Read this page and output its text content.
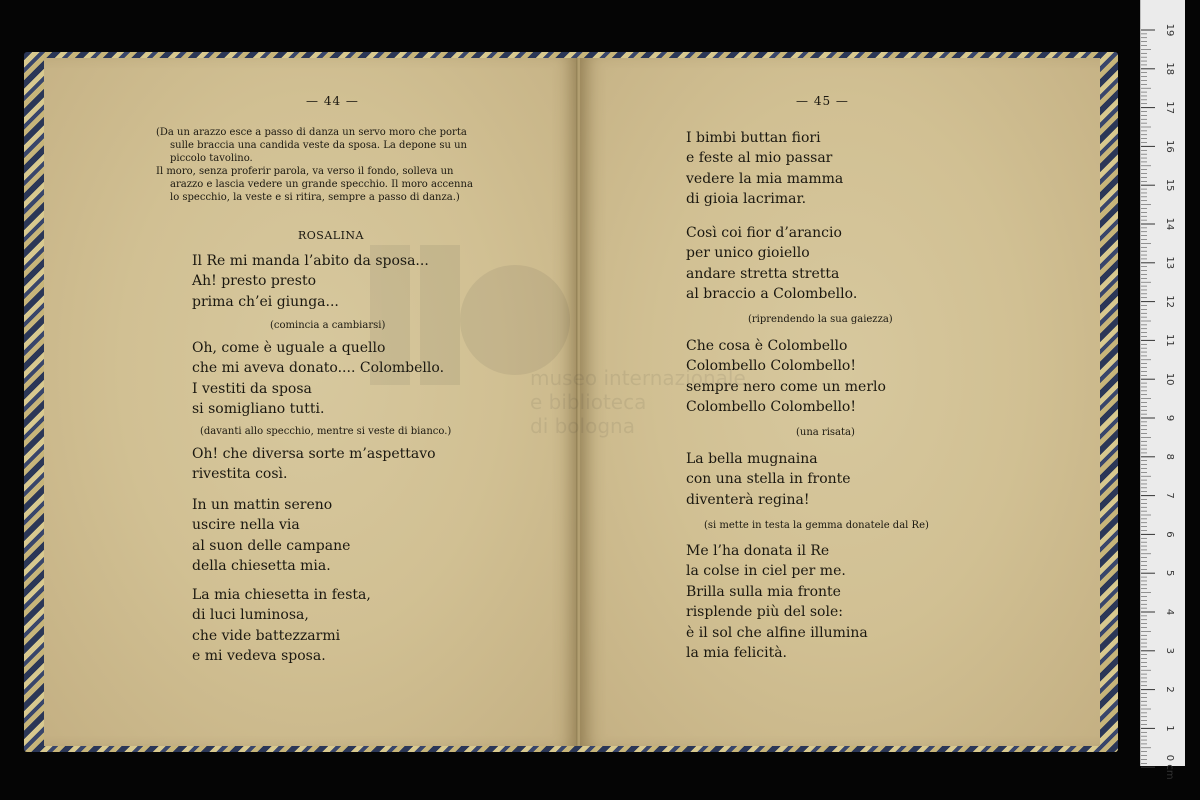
— 44 —

(Da un arazzo esce a passo di danza un servo moro che porta

sulle braccia una candida veste da sposa. La depone su un

piccolo tavolino.

Il moro, senza proferir parola, va verso il fondo, solleva un

arazzo e lascia vedere un grande specchio. Il moro accenna

lo specchio, la veste e si ritira, sempre a passo di danza.)

ROSALINA
Il Re mi manda l’abito da sposa...
Ah! presto presto
prima ch’ei giunga...
(comincia a cambiarsi)
Oh, come è uguale a quello
che mi aveva donato.... Colombello.
I vestiti da sposa
si somigliano tutti.
(davanti allo specchio, mentre si veste di bianco.)
Oh! che diversa sorte m’aspettavo
rivestita così.
In un mattin sereno
uscire nella via
al suon delle campane
della chiesetta mia.
La mia chiesetta in festa,
di luci luminosa,
che vide battezzarmi
e mi vedeva sposa.
— 45 —
I bimbi buttan fiori
e feste al mio passar
vedere la mia mamma
di gioia lacrimar.
Così coi fior d’arancio
per unico gioiello
andare stretta stretta
al braccio a Colombello.
(riprendendo la sua gaiezza)
Che cosa è Colombello
Colombello Colombello!
sempre nero come un merlo
Colombello Colombello!
(una risata)
La bella mugnaina
con una stella in fronte
diventerà regina!
(si mette in testa la gemma donatele dal Re)
Me l’ha donata il Re
la colse in ciel per me.
Brilla sulla mia fronte
risplende più del sole:
è il sol che alfine illumina
la mia felicità.
19
18
17
16
15
14
13
12
11
10
9
8
7
6
5
4
3
2
1
0 cm
